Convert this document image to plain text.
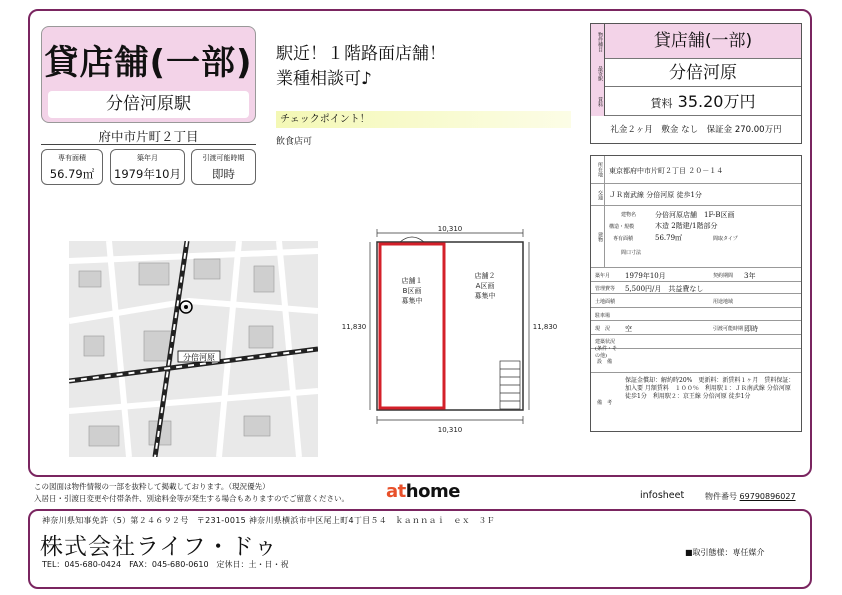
貸店舗(一部)
分倍河原駅
府中市片町２丁目
専有面積
56.79㎡
築年月
1979年10月
引渡可能時期
即時
駅近！１階路面店舗！
業種相談可♪
チェックポイント！
飲食店可
分倍河原
10,310
10,310
11,830	11,830
店舗１
B区画
募集中
店舗２
A区画
募集中
物件種目	貸店舗(一部)
最寄駅	分倍河原
賃料	賃料 35.20万円
礼金２ヶ月　敷金 なし　保証金 270.00万円
所在地 東京都府中市片町２丁目 ２０－１４
交通 ＪＲ南武線 分倍河原 徒歩1分
建物
建物名	分倍河原店舗　1F-B区画
構造・規模	木造 2階建/1階部分
専有面積	56.79㎡	間取タイプ
間口寸法
築年月 1979年10月	契約期間 3年
管理費等 5,500円/月　共益費なし
土地面積	用途地域
駐車場
現　況 空	引渡可能時期 即時
建築状況(条件・その他)
設　備
備　考
保証金償却：解約時20%　更新料：新賃料１ヶ月　賃料保証：加入要 月額賃料　１００％　利用駅１：ＪＲ南武線 分倍河原 徒歩1分　利用駅２：京王線 分倍河原 徒歩1分
この図面は物件情報の一部を抜粋して掲載しております。（現況優先）
入居日・引渡日変更や付帯条件、別途料金等が発生する場合もありますのでご留意ください。 athome	infosheet	物件番号 69790896027
神奈川県知事免許（5）第２４６９２号　〒231-0015 神奈川県横浜市中区尾上町4丁目５４　ｋａｎｎａｉ　ｅｘ　３Ｆ
株式会社ライフ・ドゥ
TEL：045-680-0424　FAX：045-680-0610　定休日：土・日・祝
■取引態様：専任媒介
